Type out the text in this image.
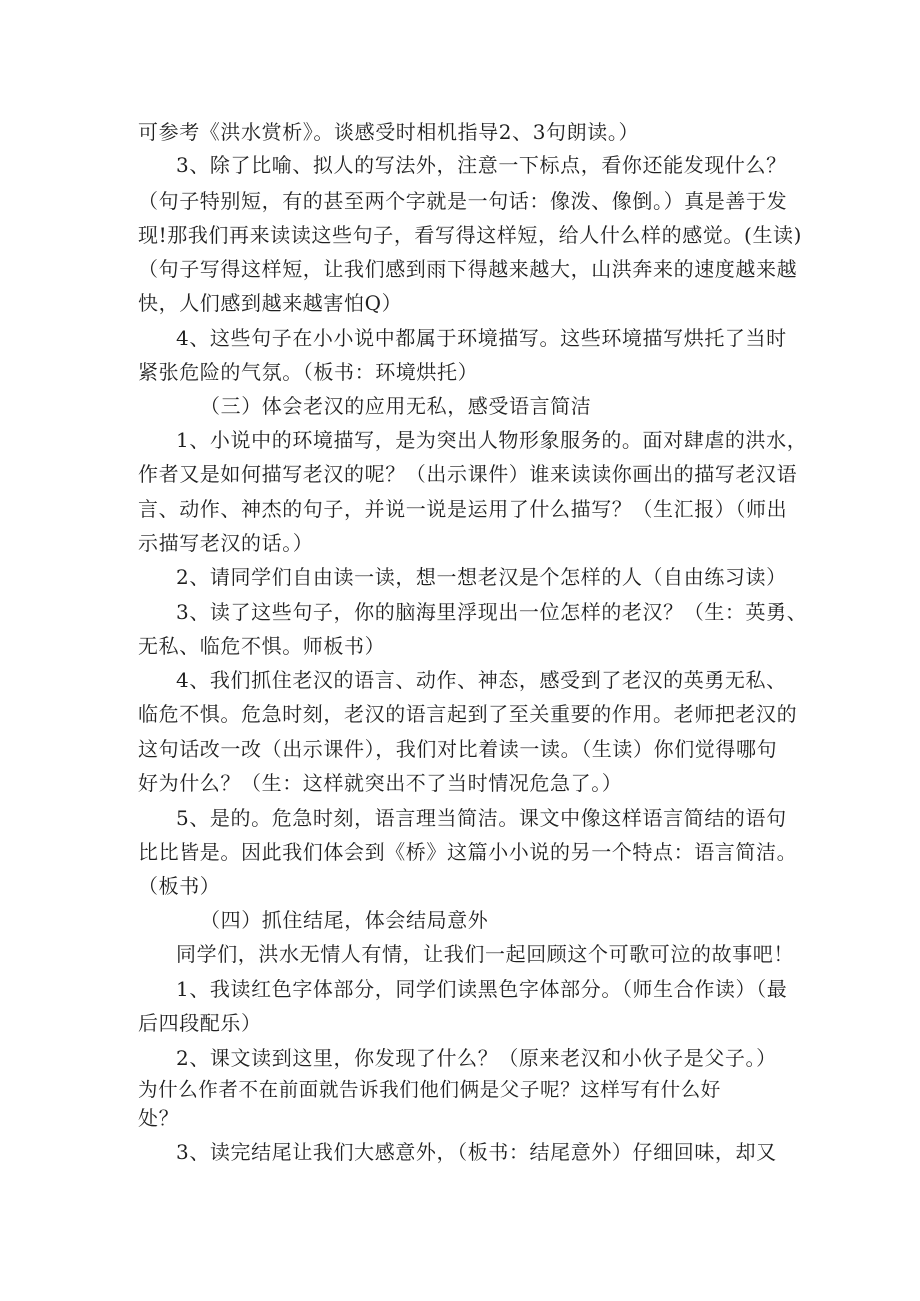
可参考《洪水赏析》。谈感受时相机指导2、3句朗读。）
3、除了比喻、拟人的写法外，注意一下标点，看你还能发现什么？
（句子特别短，有的甚至两个字就是一句话：像泼、像倒。）真是善于发
现!那我们再来读读这些句子，看写得这样短，给人什么样的感觉。(生读)
（句子写得这样短，让我们感到雨下得越来越大，山洪奔来的速度越来越
快，人们感到越来越害怕Q）
4、这些句子在小小说中都属于环境描写。这些环境描写烘托了当时
紧张危险的气氛。（板书：环境烘托）
（三）体会老汉的应用无私，感受语言简洁
1、小说中的环境描写，是为突出人物形象服务的。面对肆虐的洪水，
作者又是如何描写老汉的呢？（出示课件）谁来读读你画出的描写老汉语
言、动作、神杰的句子，并说一说是运用了什么描写？（生汇报）（师出
示描写老汉的话。）
2、请同学们自由读一读，想一想老汉是个怎样的人（自由练习读）
3、读了这些句子，你的脑海里浮现出一位怎样的老汉？（生：英勇、
无私、临危不惧。师板书）
4、我们抓住老汉的语言、动作、神态，感受到了老汉的英勇无私、
临危不惧。危急时刻，老汉的语言起到了至关重要的作用。老师把老汉的
这句话改一改（出示课件），我们对比着读一读。（生读）你们觉得哪句
好为什么？（生：这样就突出不了当时情况危急了。）
5、是的。危急时刻，语言理当简洁。课文中像这样语言简结的语句
比比皆是。因此我们体会到《桥》这篇小小说的另一个特点：语言简洁。
（板书）
（四）抓住结尾，体会结局意外
同学们，洪水无情人有情，让我们一起回顾这个可歌可泣的故事吧！
1、我读红色字体部分，同学们读黑色字体部分。（师生合作读）（最
后四段配乐）
2、课文读到这里，你发现了什么？（原来老汉和小伙子是父子。）
为什么作者不在前面就告诉我们他们俩是父子呢？这样写有什么好
处？
3、读完结尾让我们大感意外，（板书：结尾意外）仔细回味，却又
